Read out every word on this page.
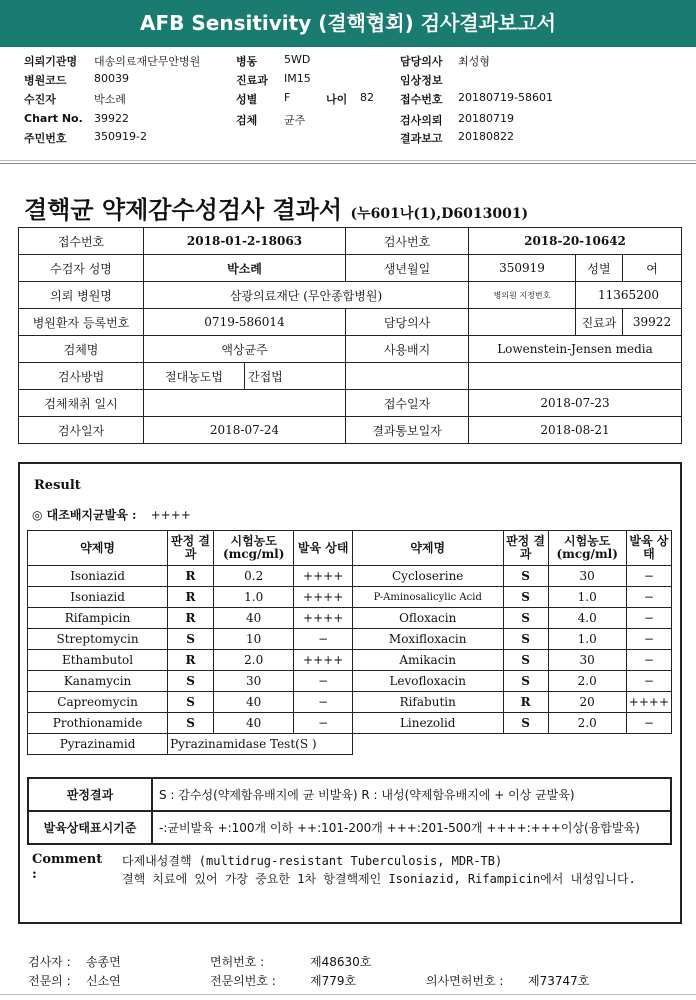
AFB Sensitivity (결핵협회) 검사결과보고서
의뢰기관명 대송의료재단무안병원	병동 5WD	담당의사 최성형
병원코드 80039	진료과 IM15	임상정보
수진자	박소례	성별 F	나이 82 접수번호 20180719-58601
Chart No. 39922	검체 균주	검사의뢰 20180719
주민번호 350919-2	결과보고 20180822
결핵균 약제감수성검사 결과서 (누601나(1),D6013001)
접수번호	2018-01-2-18063		검사번호	2018-20-10642		
수검자 성명	박소례		생년월일	350919	성별	여
의뢰 병원명	삼광의료재단 (무안종합병원)			병의원 지정번호	11365200	
병원환자 등록번호	0719-586014		담당의사		진료과	39922
검체명	액상균주		사용배지	Lowenstein-Jensen media		
검사방법	절대농도법	간접법				
검체채취 일시			접수일자	2018-07-23		
검사일자	2018-07-24		결과통보일자	2018-08-21		
Result
◎ 대조배지균발육 : ++++
약제명	판정 결과	시험농도 (mcg/ml)	발육 상태	약제명	판정 결과	시험농도 (mcg/ml)	발육 상태
Isoniazid	R	0.2	++++	Cycloserine	S	30	−
Isoniazid	R	1.0	++++	P-Aminosalicylic Acid	S	1.0	−
Rifampicin	R	40	++++	Ofloxacin	S	4.0	−
Streptomycin	S	10	−	Moxifloxacin	S	1.0	−
Ethambutol	R	2.0	++++	Amikacin	S	30	−
Kanamycin	S	30	−	Levofloxacin	S	2.0	−
Capreomycin	S	40	−	Rifabutin	R	20	++++
Prothionamide	S	40	−	Linezolid	S	2.0	−
Pyrazinamid	Pyrazinamidase Test(S )						
판정결과	S : 감수성(약제함유배지에 균 비발육) R : 내성(약제함유배지에 + 이상 균발육)
발육상태표시기준	-:균비발육 +:100개 이하 ++:101-200개 +++:201-500개 ++++:+++이상(융합발육)
Comment :
다제내성결핵 (multidrug-resistant Tuberculosis, MDR-TB)
결핵 치료에 있어 가장 중요한 1차 항결핵제인 Isoniazid, Rifampicin에서 내성입니다.
검사자 : 송종면	면허번호 :	제48630호
전문의 : 신소연	전문의번호 :	제779호	의사면허번호 : 제73747호
